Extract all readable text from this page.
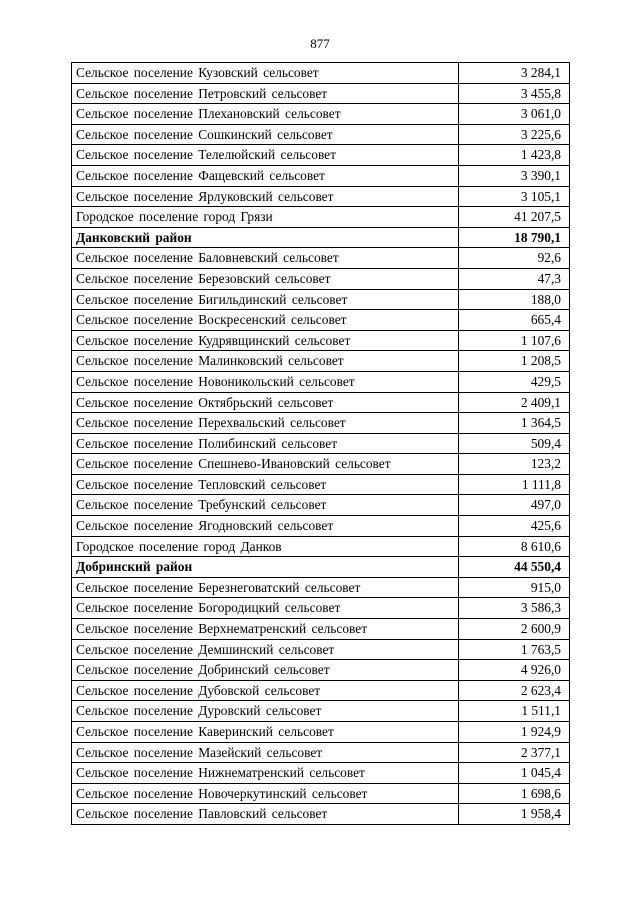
877
Сельское поселение Кузовский сельсовет	3 284,1
Сельское поселение Петровский сельсовет	3 455,8
Сельское поселение Плехановский сельсовет	3 061,0
Сельское поселение Сошкинский сельсовет	3 225,6
Сельское поселение Телелюйский сельсовет	1 423,8
Сельское поселение Фащевский сельсовет	3 390,1
Сельское поселение Ярлуковский сельсовет	3 105,1
Городское поселение город Грязи	41 207,5
Данковский район	18 790,1
Сельское поселение Баловневский сельсовет	92,6
Сельское поселение Березовский сельсовет	47,3
Сельское поселение Бигильдинский сельсовет	188,0
Сельское поселение Воскресенский сельсовет	665,4
Сельское поселение Кудрявщинский сельсовет	1 107,6
Сельское поселение Малинковский сельсовет	1 208,5
Сельское поселение Новоникольский сельсовет	429,5
Сельское поселение Октябрьский сельсовет	2 409,1
Сельское поселение Перехвальский сельсовет	1 364,5
Сельское поселение Полибинский сельсовет	509,4
Сельское поселение Спешнево-Ивановский сельсовет	123,2
Сельское поселение Тепловский сельсовет	1 111,8
Сельское поселение Требунский сельсовет	497,0
Сельское поселение Ягодновский сельсовет	425,6
Городское поселение город Данков	8 610,6
Добринский район	44 550,4
Сельское поселение Березнеговатский сельсовет	915,0
Сельское поселение Богородицкий сельсовет	3 586,3
Сельское поселение Верхнематренский сельсовет	2 600,9
Сельское поселение Демшинский сельсовет	1 763,5
Сельское поселение Добринский сельсовет	4 926,0
Сельское поселение Дубовской сельсовет	2 623,4
Сельское поселение Дуровский сельсовет	1 511,1
Сельское поселение Каверинский сельсовет	1 924,9
Сельское поселение Мазейский сельсовет	2 377,1
Сельское поселение Нижнематренский сельсовет	1 045,4
Сельское поселение Новочеркутинский сельсовет	1 698,6
Сельское поселение Павловский сельсовет	1 958,4
